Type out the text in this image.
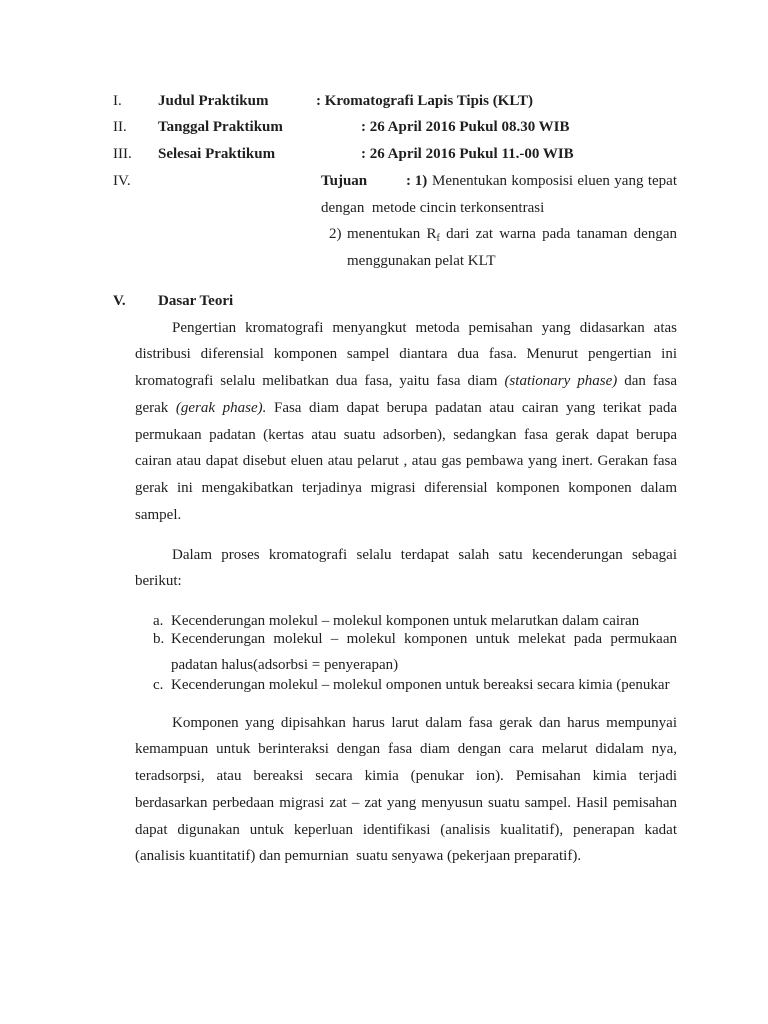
I. Judul Praktikum	: Kromatografi Lapis Tipis (KLT)
II. Tanggal Praktikum	: 26 April 2016 Pukul 08.30 WIB
III. Selesai Praktikum	: 26 April 2016 Pukul 11.-00 WIB
IV.	Tujuan	: 1) Menentukan komposisi eluen yang tepat
dengan  metode cincin terkonsentrasi
2) menentukan $R_f$ dari zat warna pada tanaman dengan
menggunakan pelat KLT
V. Dasar Teori
Pengertian kromatografi menyangkut metoda pemisahan yang didasarkan atas
distribusi diferensial komponen sampel diantara dua fasa. Menurut pengertian ini
kromatografi selalu melibatkan dua fasa, yaitu fasa diam (stationary phase) dan fasa
gerak (gerak phase). Fasa diam dapat berupa padatan atau cairan yang terikat pada
permukaan padatan (kertas atau suatu adsorben), sedangkan fasa gerak dapat berupa
cairan atau dapat disebut eluen atau pelarut , atau gas pembawa yang inert. Gerakan fasa
gerak ini mengakibatkan terjadinya migrasi diferensial komponen komponen dalam
sampel.
Dalam proses kromatografi selalu terdapat salah satu kecenderungan sebagai
berikut:
a. Kecenderungan molekul – molekul komponen untuk melarutkan dalam cairan
b. Kecenderungan molekul – molekul komponen untuk melekat pada permukaan
padatan halus(adsorbsi = penyerapan)
c. Kecenderungan molekul – molekul omponen untuk bereaksi secara kimia (penukar
Komponen yang dipisahkan harus larut dalam fasa gerak dan harus mempunyai
kemampuan untuk berinteraksi dengan fasa diam dengan cara melarut didalam nya,
teradsorpsi, atau bereaksi secara kimia (penukar ion). Pemisahan kimia terjadi
berdasarkan perbedaan migrasi zat – zat yang menyusun suatu sampel. Hasil pemisahan
dapat digunakan untuk keperluan identifikasi (analisis kualitatif), penerapan kadat
(analisis kuantitatif) dan pemurnian  suatu senyawa (pekerjaan preparatif).
